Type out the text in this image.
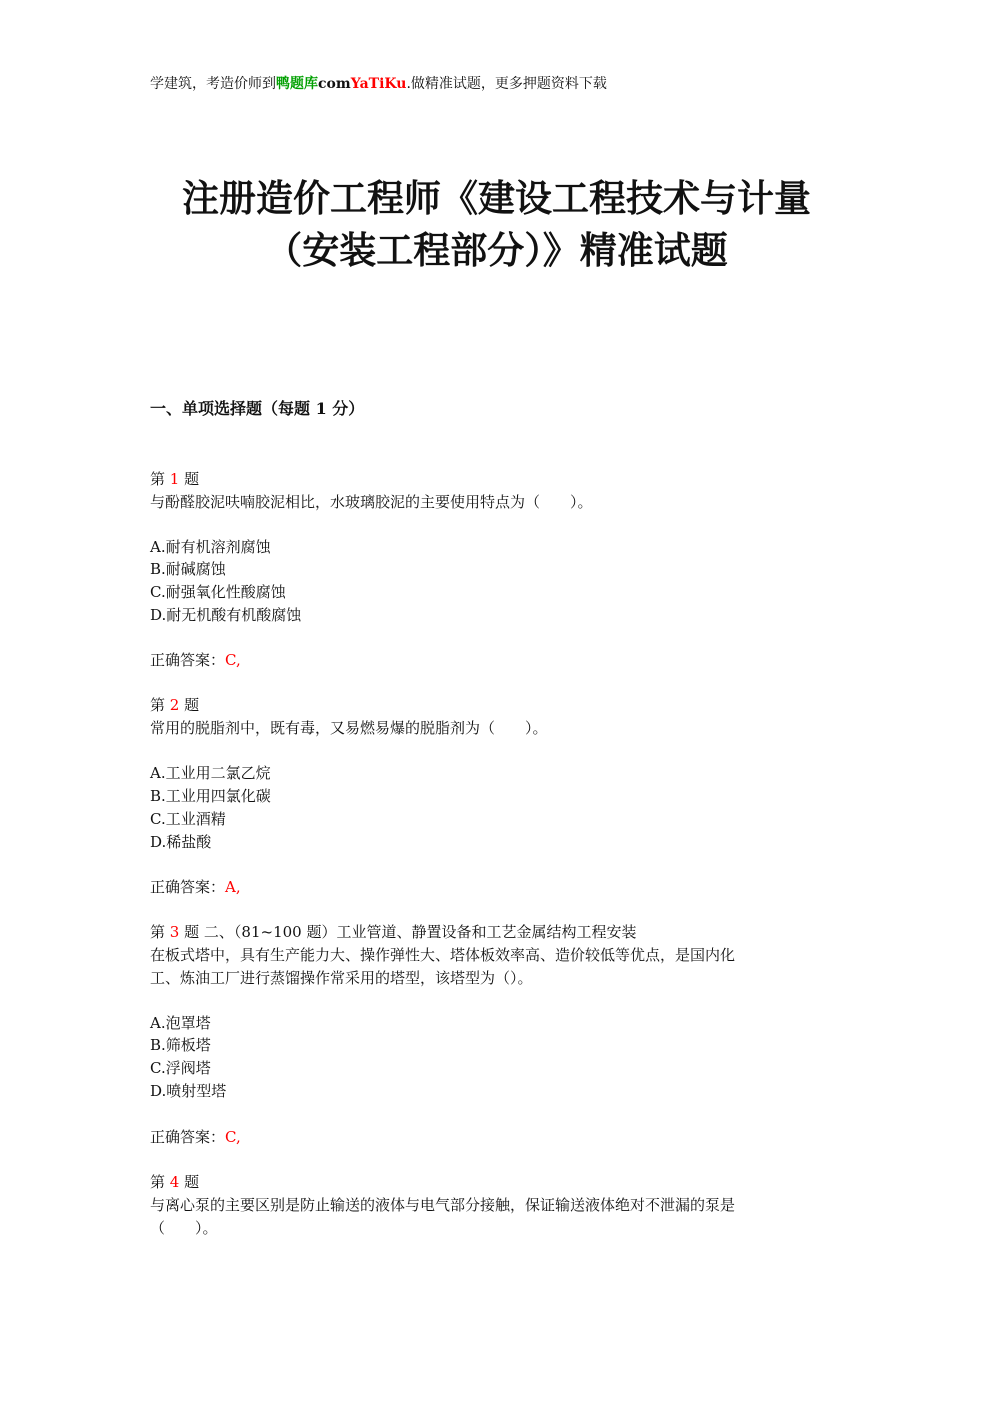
学建筑，考造价师到鸭题库comYaTiKu.做精准试题，更多押题资料下载
注册造价工程师《建设工程技术与计量
（安装工程部分）》精准试题
一、单项选择题（每题 1 分）
第 1 题
与酚醛胶泥呋喃胶泥相比，水玻璃胶泥的主要使用特点为（　　）。
A.耐有机溶剂腐蚀
B.耐碱腐蚀
C.耐强氧化性酸腐蚀
D.耐无机酸有机酸腐蚀
正确答案：C,
第 2 题
常用的脱脂剂中，既有毒，又易燃易爆的脱脂剂为（　　）。
A.工业用二氯乙烷
B.工业用四氯化碳
C.工业酒精
D.稀盐酸
正确答案：A,
第 3 题 二、（81~100 题）工业管道、静置设备和工艺金属结构工程安装
在板式塔中，具有生产能力大、操作弹性大、塔体板效率高、造价较低等优点，是国内化
工、炼油工厂进行蒸馏操作常采用的塔型，该塔型为（）。
A.泡罩塔
B.筛板塔
C.浮阀塔
D.喷射型塔
正确答案：C,
第 4 题
与离心泵的主要区别是防止输送的液体与电气部分接触，保证输送液体绝对不泄漏的泵是
（　　）。
